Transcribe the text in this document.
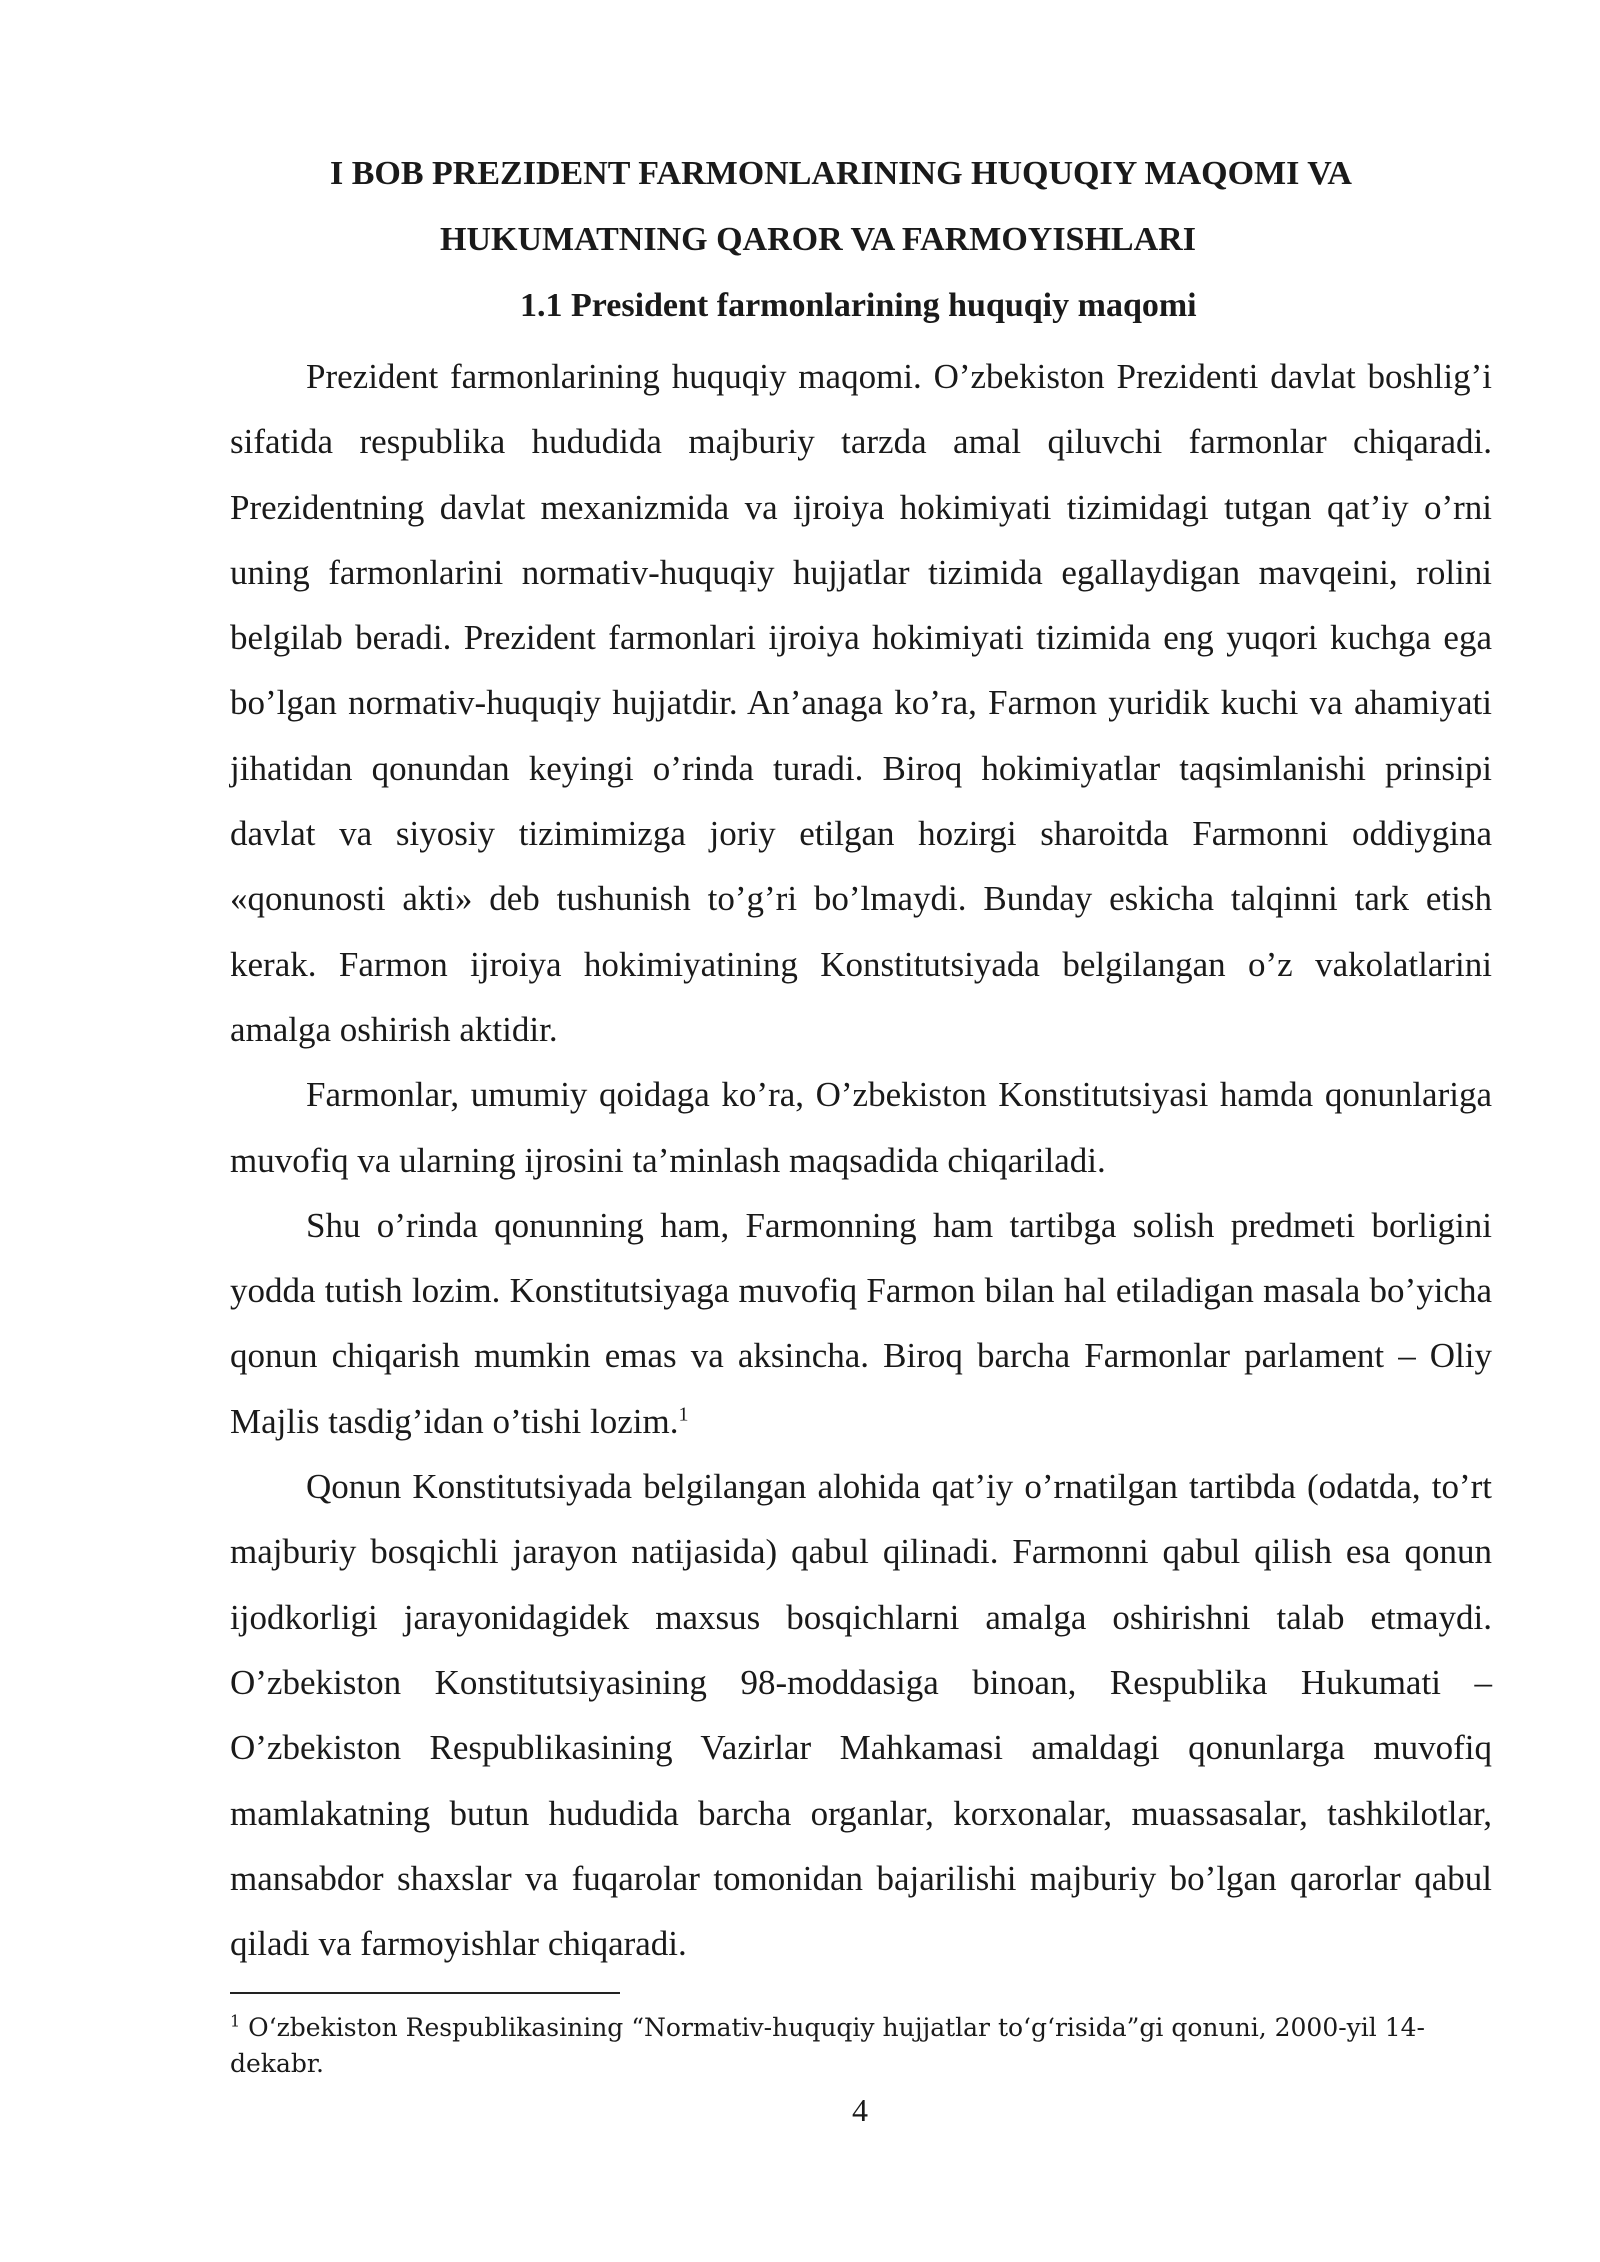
I BOB PREZIDENT FARMONLARINING HUQUQIY MAQOMI VA
HUKUMATNING QAROR VA FARMOYISHLARI
1.1 President farmonlarining huquqiy maqomi

Prezident farmonlarining huquqiy maqomi. O’zbekiston Prezidenti davlat boshlig’i sifatida respublika hududida majburiy tarzda amal qiluvchi farmonlar chiqaradi. Prezidentning davlat mexanizmida va ijroiya hokimiyati tizimidagi tutgan qat’iy o’rni uning farmonlarini normativ-huquqiy hujjatlar tizimida egallaydigan mavqeini, rolini belgilab beradi. Prezident farmonlari ijroiya hokimiyati tizimida eng yuqori kuchga ega bo’lgan normativ-huquqiy hujjatdir. An’anaga ko’ra, Farmon yuridik kuchi va ahamiyati jihatidan qonundan keyingi o’rinda turadi. Biroq hokimiyatlar taqsimlanishi prinsipi davlat va siyosiy tizimimizga joriy etilgan hozirgi sharoitda Farmonni oddiygina «qonunosti akti» deb tushunish to’g’ri bo’lmaydi. Bunday eskicha talqinni tark etish kerak. Farmon ijroiya hokimiyatining Konstitutsiyada belgilangan o’z vakolatlarini amalga oshirish aktidir.

Farmonlar, umumiy qoidaga ko’ra, O’zbekiston Konstitutsiyasi hamda qonunlariga muvofiq va ularning ijrosini ta’minlash maqsadida chiqariladi.

Shu o’rinda qonunning ham, Farmonning ham tartibga solish predmeti borligini yodda tutish lozim. Konstitutsiyaga muvofiq Farmon bilan hal etiladigan masala bo’yicha qonun chiqarish mumkin emas va aksincha. Biroq barcha Farmonlar parlament – Oliy Majlis tasdig’idan o’tishi lozim.$^1$

Qonun Konstitutsiyada belgilangan alohida qat’iy o’rnatilgan tartibda (odatda, to’rt majburiy bosqichli jarayon natijasida) qabul qilinadi. Farmonni qabul qilish esa qonun ijodkorligi jarayonidagidek maxsus bosqichlarni amalga oshirishni talab etmaydi. O’zbekiston Konstitutsiyasining 98-moddasiga binoan, Respublika Hukumati – O’zbekiston Respublikasining Vazirlar Mahkamasi amaldagi qonunlarga muvofiq mamlakatning butun hududida barcha organlar, korxonalar, muassasalar, tashkilotlar, mansabdor shaxslar va fuqarolar tomonidan bajarilishi majburiy bo’lgan qarorlar qabul qiladi va farmoyishlar chiqaradi.

$^1$ O‘zbekiston Respublikasining “Normativ-huquqiy hujjatlar to‘g‘risida”gi qonuni, 2000-yil 14-dekabr.

4
